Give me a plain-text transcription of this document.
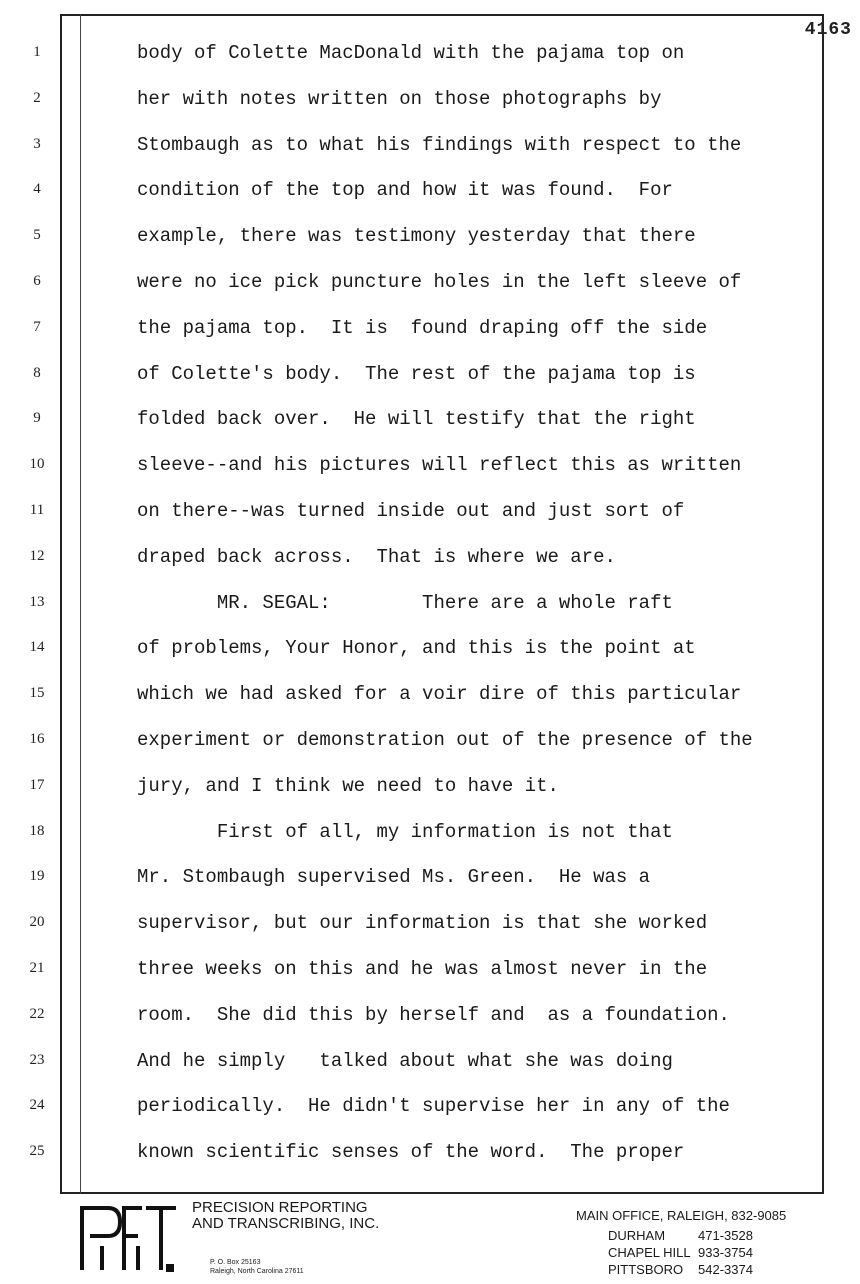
4163
1	body of Colette MacDonald with the pajama top on
2	her with notes written on those photographs by
3	Stombaugh as to what his findings with respect to the
4	condition of the top and how it was found.  For
5	example, there was testimony yesterday that there
6	were no ice pick puncture holes in the left sleeve of
7	the pajama top.  It is  found draping off the side
8	of Colette's body.  The rest of the pajama top is
9	folded back over.  He will testify that the right
10	sleeve--and his pictures will reflect this as written
11	on there--was turned inside out and just sort of
12	draped back across.  That is where we are.
13	MR. SEGAL:        There are a whole raft
14	of problems, Your Honor, and this is the point at
15	which we had asked for a voir dire of this particular
16	experiment or demonstration out of the presence of the
17	jury, and I think we need to have it.
18	First of all, my information is not that
19	Mr. Stombaugh supervised Ms. Green.  He was a
20	supervisor, but our information is that she worked
21	three weeks on this and he was almost never in the
22	room.  She did this by herself and  as a foundation.
23	And he simply   talked about what she was doing
24	periodically.  He didn't supervise her in any of the
25	known scientific senses of the word.  The proper
PRECISION REPORTING
AND TRANSCRIBING, INC.
P. O. Box 25163
Raleigh, North Carolina 27611
MAIN OFFICE, RALEIGH, 832-9085
DURHAM	471-3528
CHAPEL HILL 933-3754
PITTSBORO 542-3374
